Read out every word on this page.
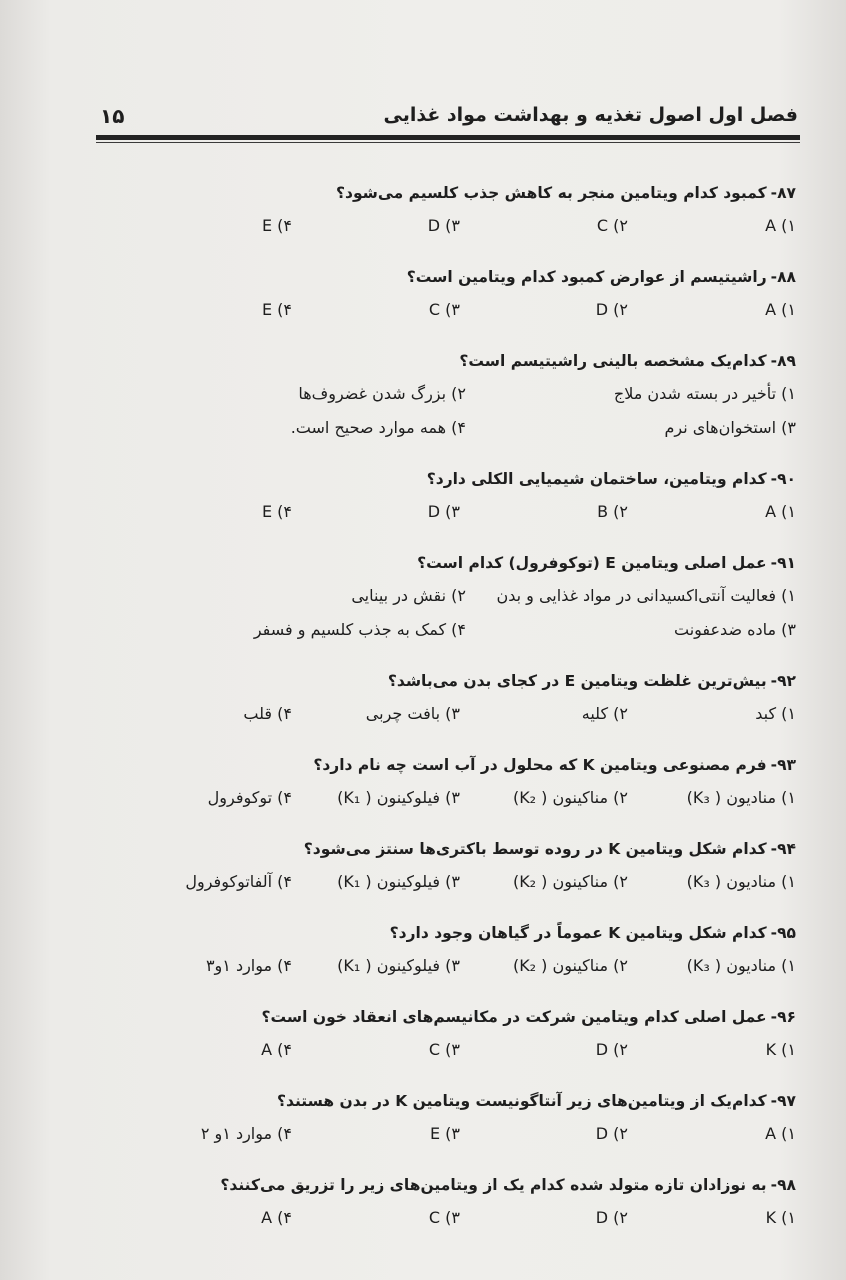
فصل اول اصول تغذیه و بهداشت مواد غذایی
۱۵
۸۷-کمبود کدام ویتامین منجر به کاهش جذب کلسیم می‌شود؟
A (۱
C (۲
D (۳
E (۴
۸۸-راشیتیسم از عوارض کمبود کدام ویتامین است؟
A (۱
D (۲
C (۳
E (۴
۸۹-کدام‌یک مشخصه بالینی راشیتیسم است؟
۱) تأخیر در بسته شدن ملاج
۲) بزرگ شدن غضروف‌ها
۳) استخوان‌های نرم
۴) همه موارد صحیح است.
۹۰-کدام ویتامین، ساختمان شیمیایی الکلی دارد؟
A (۱
B (۲
D (۳
E (۴
۹۱-عمل اصلی ویتامین E (توکوفرول) کدام است؟
۱) فعالیت آنتی‌اکسیدانی در مواد غذایی و بدن
۲) نقش در بینایی
۳) ماده ضدعفونت
۴) کمک به جذب کلسیم و فسفر
۹۲-بیش‌ترین غلظت ویتامین E در کجای بدن می‌باشد؟
۱) کبد
۲) کلیه
۳) بافت چربی
۴) قلب
۹۳-فرم مصنوعی ویتامین K که محلول در آب است چه نام دارد؟
۱) منادیون ( K₃)
۲) مناکینون ( K₂)
۳) فیلوکینون ( K₁)
۴) توکوفرول
۹۴-کدام شکل ویتامین K در روده توسط باکتری‌ها سنتز می‌شود؟
۱) منادیون ( K₃)
۲) مناکینون ( K₂)
۳) فیلوکینون ( K₁)
۴) آلفاتوکوفرول
۹۵-کدام شکل ویتامین K عموماً در گیاهان وجود دارد؟
۱) منادیون ( K₃)
۲) مناکینون ( K₂)
۳) فیلوکینون ( K₁)
۴) موارد ۱و۳
۹۶-عمل اصلی کدام ویتامین شرکت در مکانیسم‌های انعقاد خون است؟
K (۱
D (۲
C (۳
A (۴
۹۷-کدام‌یک از ویتامین‌های زیر آنتاگونیست ویتامین K در بدن هستند؟
A (۱
D (۲
E (۳
۴) موارد ۱و ۲
۹۸-به نوزادان تازه متولد شده کدام یک از ویتامین‌های زیر را تزریق می‌کنند؟
K (۱
D (۲
C (۳
A (۴
